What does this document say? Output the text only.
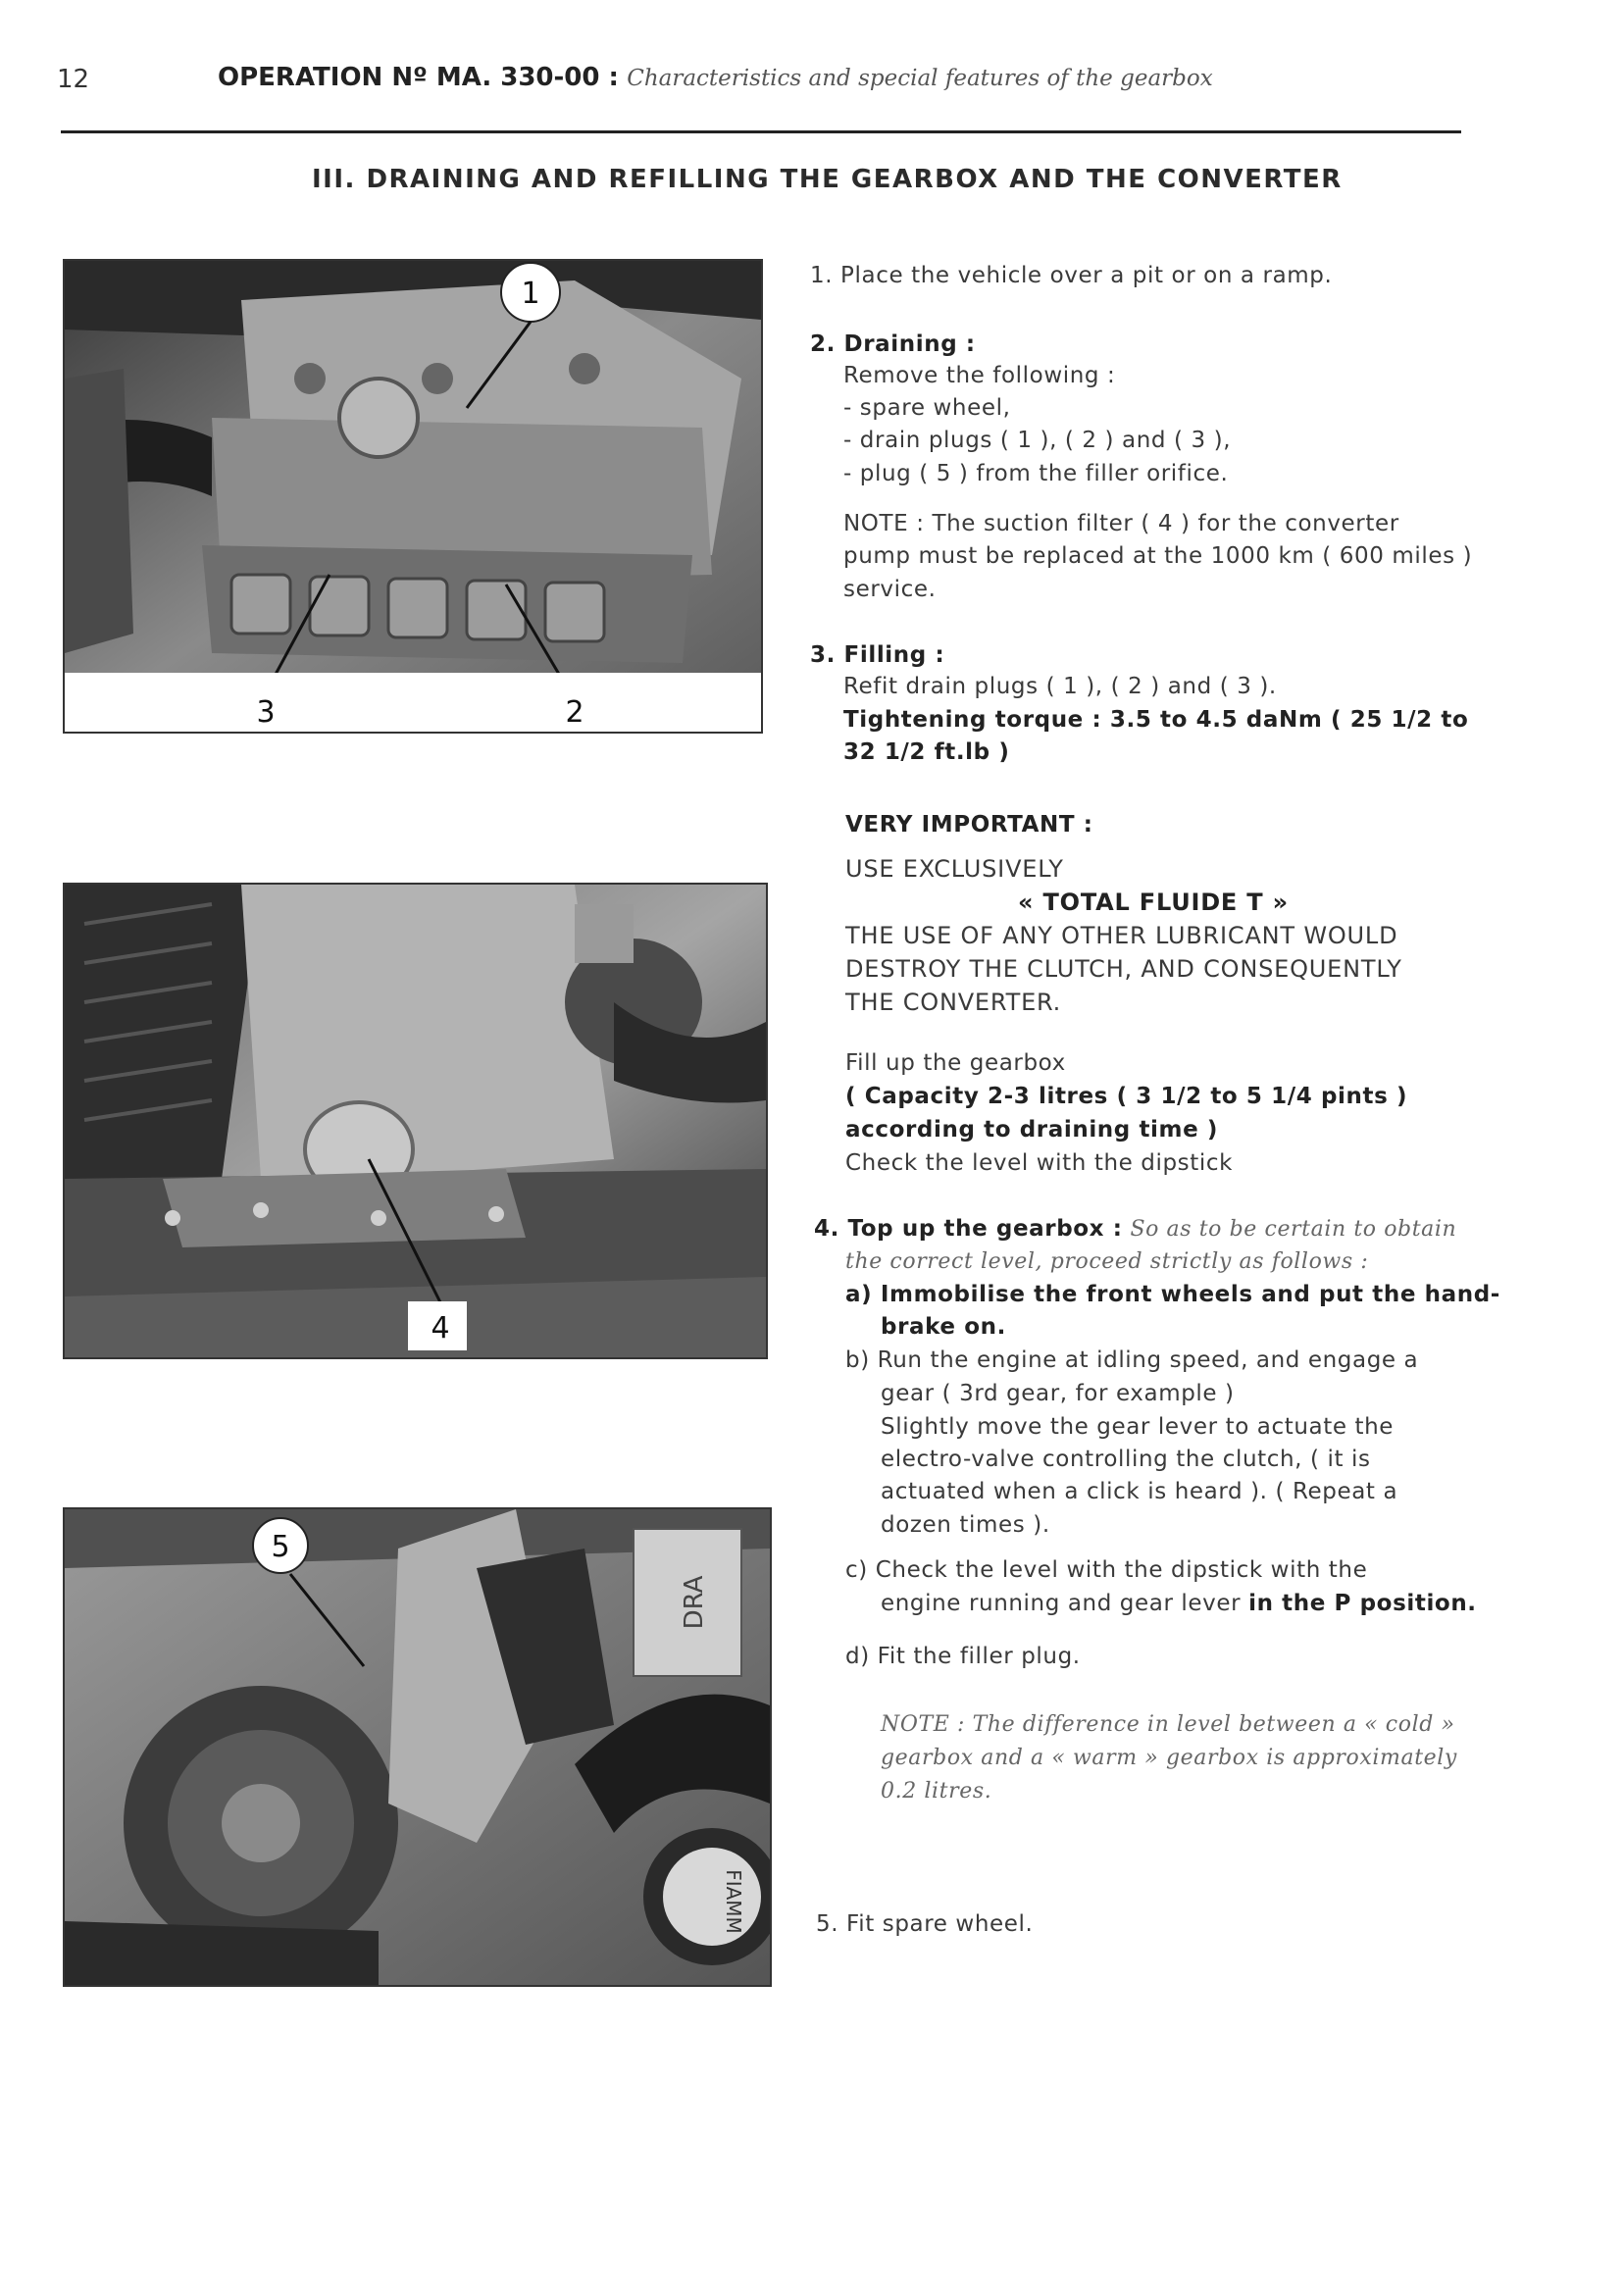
12	OPERATION Nº MA. 330-00 : Characteristics and special features of the gearbox
III. DRAINING AND REFILLING THE GEARBOX AND THE CONVERTER
1
3	2
4
DRA
FIAMM
5
1. Place the vehicle over a pit or on a ramp.
2. Draining :
Remove the following :
- spare wheel,
- drain plugs ( 1 ), ( 2 ) and ( 3 ),
- plug ( 5 ) from the filler orifice.
NOTE : The suction filter ( 4 ) for the converter
pump must be replaced at the 1000 km ( 600 miles )
service.
3. Filling :
Refit drain plugs ( 1 ), ( 2 ) and ( 3 ).
Tightening torque : 3.5 to 4.5 daNm ( 25 1/2 to
32 1/2 ft.lb )
VERY IMPORTANT :
USE EXCLUSIVELY
« TOTAL FLUIDE T »
THE USE OF ANY OTHER LUBRICANT WOULD
DESTROY THE CLUTCH, AND CONSEQUENTLY
THE CONVERTER.
Fill up the gearbox
( Capacity 2-3 litres ( 3 1/2 to 5 1/4 pints )
according to draining time )
Check the level with the dipstick
4. Top up the gearbox : So as to be certain to obtain
the correct level, proceed strictly as follows :
a) Immobilise the front wheels and put the hand-
brake on.
b) Run the engine at idling speed, and engage a
gear ( 3rd gear, for example )
Slightly move the gear lever to actuate the
electro-valve controlling the clutch, ( it is
actuated when a click is heard ). ( Repeat a
dozen times ).
c) Check the level with the dipstick with the
engine running and gear lever in the P position.
d) Fit the filler plug.
NOTE : The difference in level between a « cold »
gearbox and a « warm » gearbox is approximately
0.2 litres.
5. Fit spare wheel.
